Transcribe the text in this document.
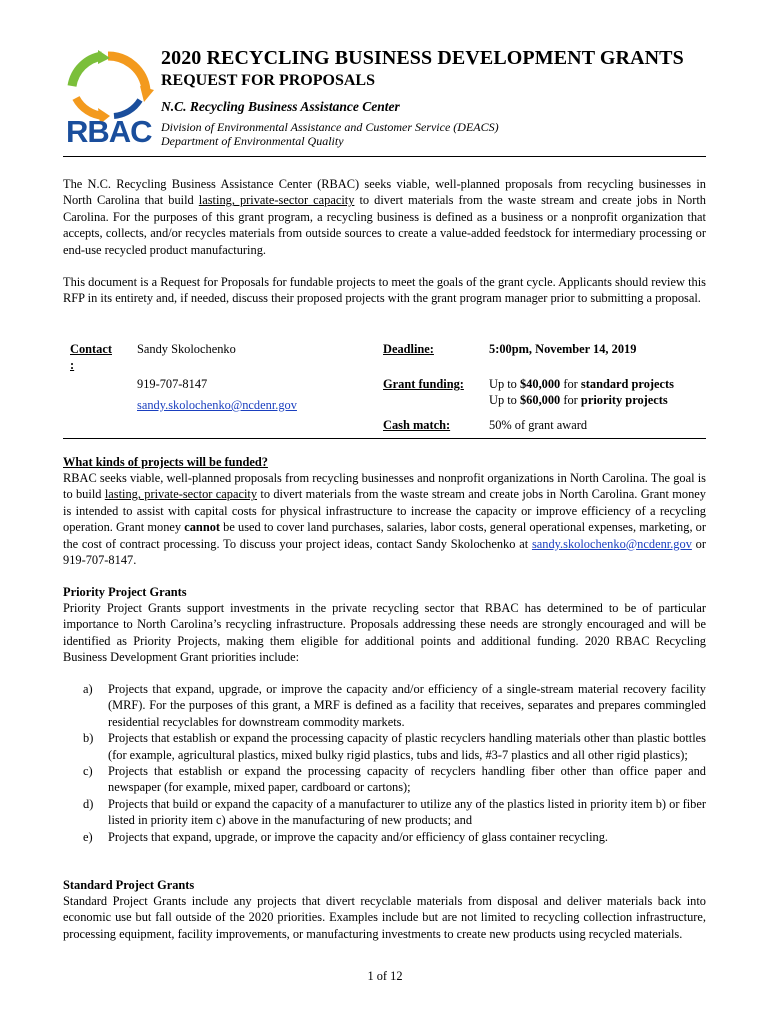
RBAC
2020 RECYCLING BUSINESS DEVELOPMENT GRANTS
REQUEST FOR PROPOSALS
N.C. Recycling Business Assistance Center
Division of Environmental Assistance and Customer Service (DEACS)
Department of Environmental Quality

The N.C. Recycling Business Assistance Center (RBAC) seeks viable, well-planned proposals from recycling businesses in North Carolina that build lasting, private-sector capacity to divert materials from the waste stream and create jobs in North Carolina. For the purposes of this grant program, a recycling business is defined as a business or a nonprofit organization that accepts, collects, and/or recycles materials from outside sources to create a value-added feedstock for intermediary processing or end-use recycled product manufacturing.

This document is a Request for Proposals for fundable projects to meet the goals of the grant cycle. Applicants should review this RFP in its entirety and, if needed, discuss their proposed projects with the grant program manager prior to submitting a proposal.

Contact
:
Sandy Skolochenko
919-707-8147
sandy.skolochenko@ncdenr.gov
Deadline:	5:00pm, November 14, 2019
Grant funding: Up to $40,000 for standard projects
Up to $60,000 for priority projects
Cash match:	50% of grant award
What kinds of projects will be funded?

RBAC seeks viable, well-planned proposals from recycling businesses and nonprofit organizations in North Carolina. The goal is to build lasting, private-sector capacity to divert materials from the waste stream and create jobs in North Carolina. Grant money is intended to assist with capital costs for physical infrastructure to increase the capacity or improve efficiency of a recycling operation. Grant money cannot be used to cover land purchases, salaries, labor costs, general operational expenses, marketing, or the cost of contract processing. To discuss your project ideas, contact Sandy Skolochenko at sandy.skolochenko@ncdenr.gov or 919-707-8147.

Priority Project Grants

Priority Project Grants support investments in the private recycling sector that RBAC has determined to be of particular importance to North Carolina’s recycling infrastructure. Proposals addressing these needs are strongly encouraged and will be identified as Priority Projects, making them eligible for additional points and additional funding. 2020 RBAC Recycling Business Development Grant priorities include:

a) Projects that expand, upgrade, or improve the capacity and/or efficiency of a single-stream material recovery facility (MRF). For the purposes of this grant, a MRF is defined as a facility that receives, separates and prepares commingled residential recyclables for downstream commodity markets.
b) Projects that establish or expand the processing capacity of plastic recyclers handling materials other than plastic bottles (for example, agricultural plastics, mixed bulky rigid plastics, tubs and lids, #3-7 plastics and all other rigid plastics);
c) Projects that establish or expand the processing capacity of recyclers handling fiber other than office paper and newspaper (for example, mixed paper, cardboard or cartons);
d) Projects that build or expand the capacity of a manufacturer to utilize any of the plastics listed in priority item b) or fiber listed in priority item c) above in the manufacturing of new products; and
e) Projects that expand, upgrade, or improve the capacity and/or efficiency of glass container recycling.
Standard Project Grants

Standard Project Grants include any projects that divert recyclable materials from disposal and deliver materials back into economic use but fall outside of the 2020 priorities. Examples include but are not limited to recycling collection infrastructure, processing equipment, facility improvements, or manufacturing investments to create new products using recycled materials.

1 of 12
